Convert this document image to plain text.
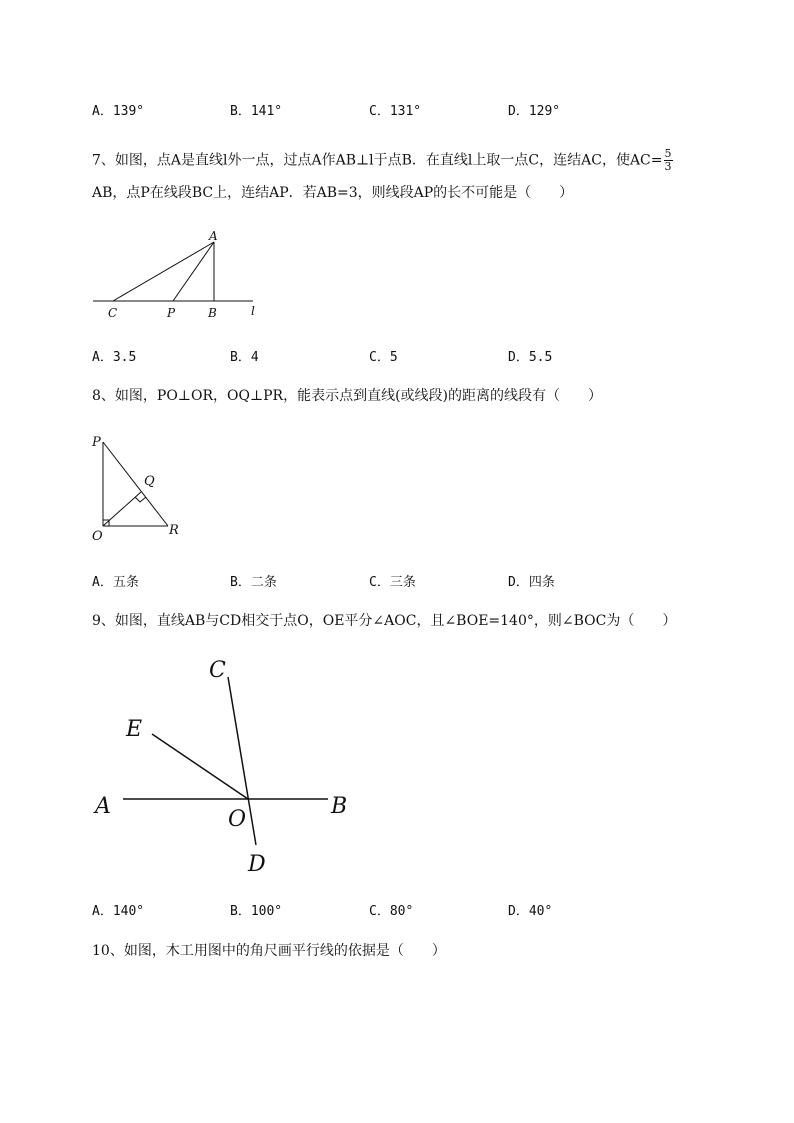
A．139°	B．141°	C．131°	D．129°
7、如图，点A是直线l外一点，过点A作AB⊥l于点B．在直线l上取一点C，连结AC，使$AC= \frac{5}{3}$
AB，点P在线段BC上，连结AP．若AB=3，则线段AP的长不可能是（　　）
A
C	P	B	l
A．3.5	B．4	C．5	D．5.5
8、如图，PO⊥OR，OQ⊥PR，能表示点到直线(或线段)的距离的线段有（　　）
P
Q
O	R
A．五条	B．二条	C．三条	D．四条
9、如图，直线AB与CD相交于点O，OE平分∠AOC，且∠BOE=140°，则∠BOC为（　　）
C
E
A
O
B
D
A．140°	B．100°	C．80°	D．40°
10、如图，木工用图中的角尺画平行线的依据是（　　）
